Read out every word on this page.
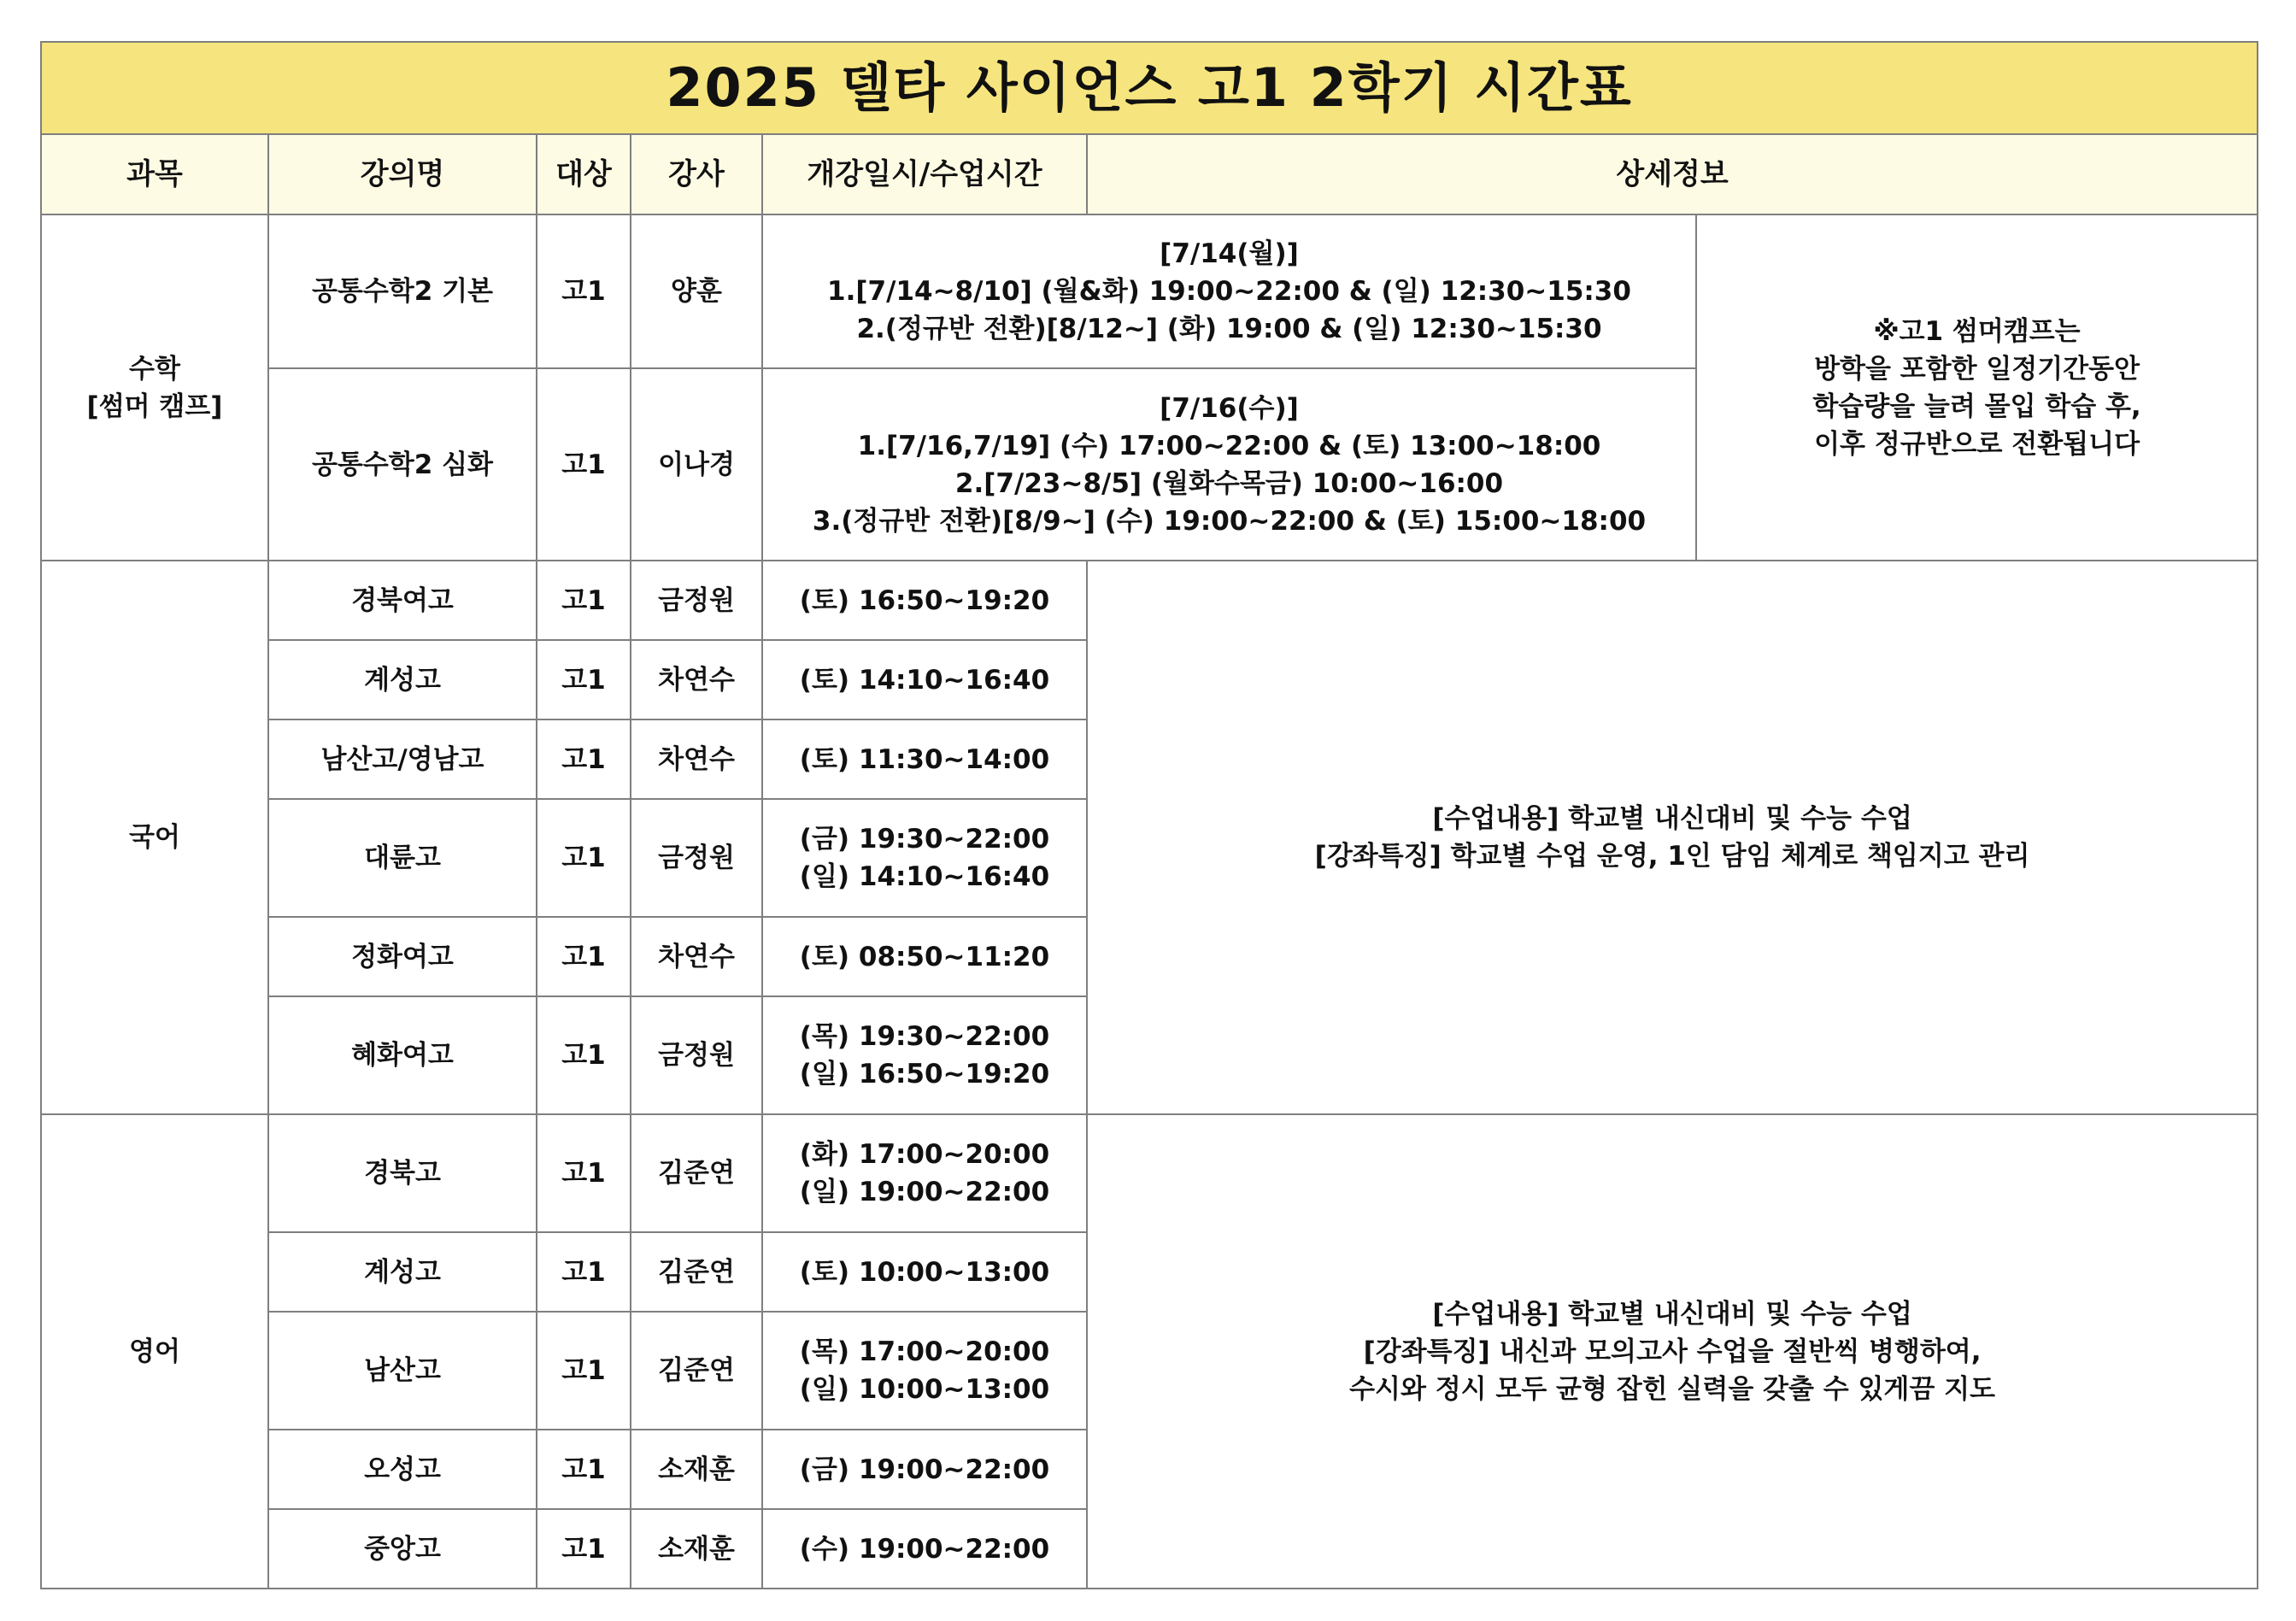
2025 델타 사이언스 고1 2학기 시간표						
과목	강의명	대상	강사	개강일시/수업시간	상세정보	
수학
[썸머 캠프]	공통수학2 기본	고1	양훈	[7/14(월)]
1.[7/14~8/10] (월&화) 19:00~22:00 & (일) 12:30~15:30
2.(정규반 전환)[8/12~] (화) 19:00 & (일) 12:30~15:30		※고1 썸머캠프는
방학을 포함한 일정기간동안
학습량을 늘려 몰입 학습 후,
이후 정규반으로 전환됩니다
	공통수학2 심화	고1	이나경	[7/16(수)]
1.[7/16,7/19] (수) 17:00~22:00 & (토) 13:00~18:00
2.[7/23~8/5] (월화수목금) 10:00~16:00
3.(정규반 전환)[8/9~] (수) 19:00~22:00 & (토) 15:00~18:00		
국어	경북여고	고1	금정원	(토) 16:50~19:20	[수업내용] 학교별 내신대비 및 수능 수업
[강좌특징] 학교별 수업 운영, 1인 담임 체계로 책임지고 관리	
	계성고	고1	차연수	(토) 14:10~16:40		
	남산고/영남고	고1	차연수	(토) 11:30~14:00		
	대륜고	고1	금정원	(금) 19:30~22:00
(일) 14:10~16:40		
	정화여고	고1	차연수	(토) 08:50~11:20		
	혜화여고	고1	금정원	(목) 19:30~22:00
(일) 16:50~19:20		
영어	경북고	고1	김준연	(화) 17:00~20:00
(일) 19:00~22:00	[수업내용] 학교별 내신대비 및 수능 수업
[강좌특징] 내신과 모의고사 수업을 절반씩 병행하여,
수시와 정시 모두 균형 잡힌 실력을 갖출 수 있게끔 지도	
	계성고	고1	김준연	(토) 10:00~13:00		
	남산고	고1	김준연	(목) 17:00~20:00
(일) 10:00~13:00		
	오성고	고1	소재훈	(금) 19:00~22:00		
	중앙고	고1	소재훈	(수) 19:00~22:00		
